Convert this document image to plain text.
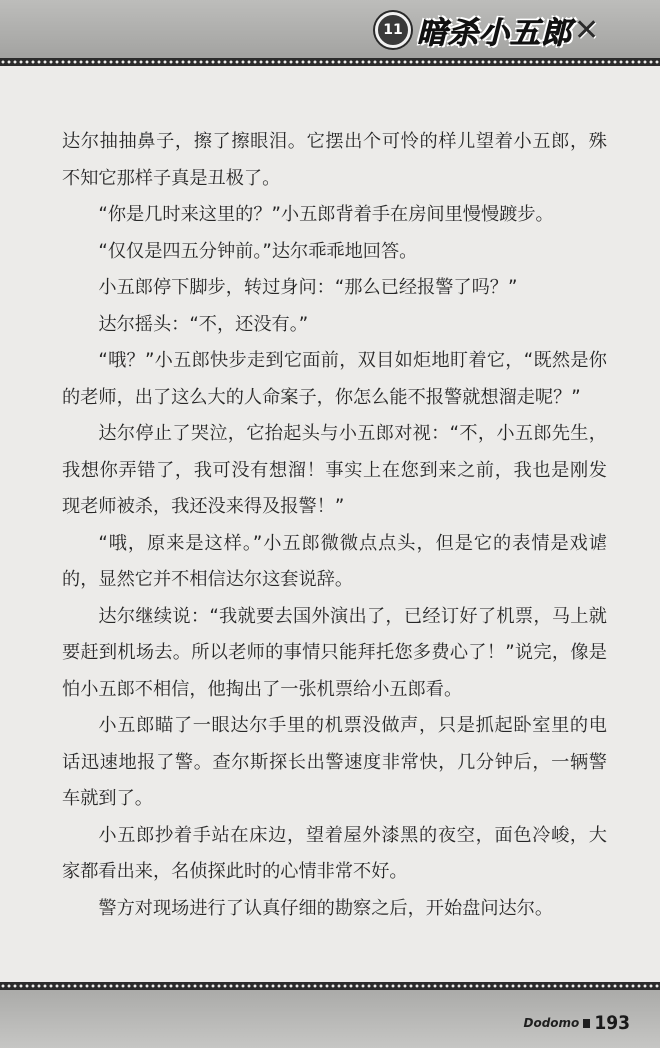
11 暗杀小五郎 ✕

达尔抽抽鼻子，擦了擦眼泪。它摆出个可怜的样儿望着小五郎，殊不知它那样子真是丑极了。

“你是几时来这里的？”小五郎背着手在房间里慢慢踱步。

“仅仅是四五分钟前。”达尔乖乖地回答。

小五郎停下脚步，转过身问：“那么已经报警了吗？”

达尔摇头：“不，还没有。”

“哦？”小五郎快步走到它面前，双目如炬地盯着它，“既然是你的老师，出了这么大的人命案子，你怎么能不报警就想溜走呢？”

达尔停止了哭泣，它抬起头与小五郎对视：“不，小五郎先生，我想你弄错了，我可没有想溜！事实上在您到来之前，我也是刚发现老师被杀，我还没来得及报警！”

“哦，原来是这样。”小五郎微微点点头，但是它的表情是戏谑的，显然它并不相信达尔这套说辞。

达尔继续说：“我就要去国外演出了，已经订好了机票，马上就要赶到机场去。所以老师的事情只能拜托您多费心了！”说完，像是怕小五郎不相信，他掏出了一张机票给小五郎看。

小五郎瞄了一眼达尔手里的机票没做声，只是抓起卧室里的电话迅速地报了警。查尔斯探长出警速度非常快，几分钟后，一辆警车就到了。

小五郎抄着手站在床边，望着屋外漆黑的夜空，面色冷峻，大家都看出来，名侦探此时的心情非常不好。

警方对现场进行了认真仔细的勘察之后，开始盘问达尔。

Dodomo 193
